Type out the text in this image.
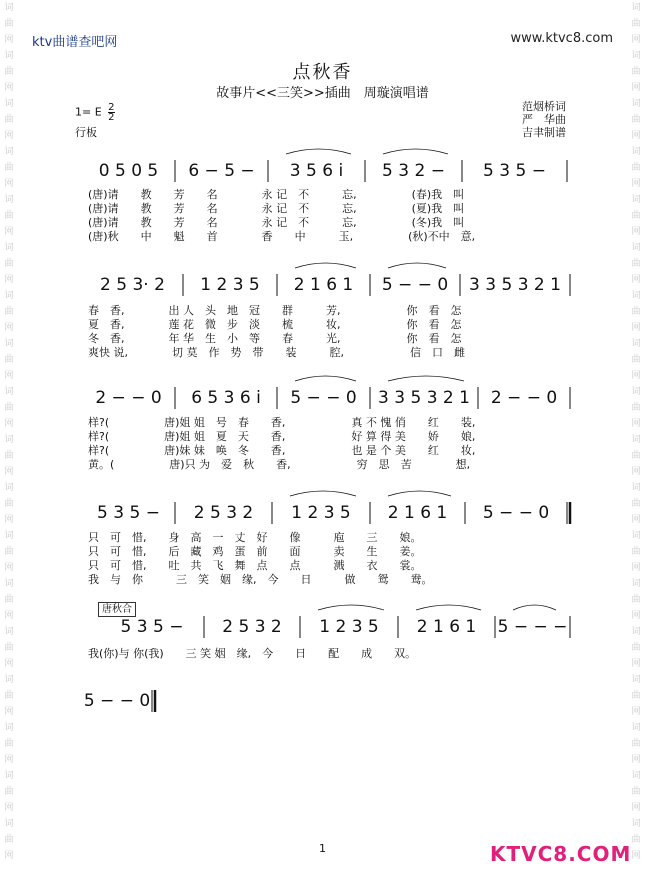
词曲网词曲网词曲网词曲网词曲网词曲网词曲网词曲网词曲网词曲网词曲网词曲网词曲网词曲网词曲网词曲网词曲网词曲网
词曲网词曲网词曲网词曲网词曲网词曲网词曲网词曲网词曲网词曲网词曲网词曲网词曲网词曲网词曲网词曲网词曲网词曲网
ktv曲谱查吧网	www.ktvc8.com
点秋香
故事片<<三笑>>插曲　周璇演唱谱
1= E $\frac{2}{2}$
行板
范烟桥词
严　华曲
吉聿制谱
唐秋合
0 5 0 5 6 − 5 − 3 5 6 i 5 3 2 − 5 3 5 −
(唐)请　　教　　芳　　名　　　　永 记　不　　　忘,　　　　　(春)我　叫
(唐)请　　教　　芳　　名　　　　永 记　不　　　忘,　　　　　(夏)我　叫
(唐)请　　教　　芳　　名　　　　永 记　不　　　忘,　　　　　(冬)我　叫
(唐)秋　　中　　魁　　首　　　　香　　中　　　玉,　　　　　(秋)不中　意,
2 5 3· 2 1 2 3 5 2 1 6 1 5 − − 0 3 3 5 3 2 1
春　香,　　　　出 人　头　地　冠　　群　　　芳,　　　　　　你　看　怎
夏　香,　　　　莲 花　微　步　淡　　梳　　　妆,　　　　　　你　看　怎
冬　香,　　　　年 华　生　小　等　　春　　　光,　　　　　　你　看　怎
爽快 说,　　　　切 莫　作　势　带　　装　　　腔,　　　　　　信　口　雌
2 − − 0 6 5 3 6 i 5 − − 0 3 3 5 3 2 1 2 − − 0
样?(　　　　　唐)姐 姐　号　春　　香,　　　　　　真 不 愧 俏　　红　　装,
样?(　　　　　唐)姐 姐　夏　天　　香,　　　　　　好 算 得 美　　娇　　娘,
样?(　　　　　唐)妹 妹　唤　冬　　香,　　　　　　也 是 个 美　　红　　妆,
黄。(　　　　　唐)只 为　爱　秋　　香,　　　　　　穷　思　苦　　　　想,
5 3 5 − 2 5 3 2 1 2 3 5 2 1 6 1 5 − − 0
只　可　惜,　　身　高　一　丈　好　　像　　　庖　　三　　娘。
只　可　惜,　　后　藏　鸡　蛋　前　　面　　　卖　　生　　姜。
只　可　惜,　　吐　共　飞　舞　点　　点　　　溅　　衣　　裳。
我　与　你　　　三　笑　姻　缘,　今　　日　　　做　　鸳　　鸯。
5 3 5 − 2 5 3 2 1 2 3 5 2 1 6 1 5 − − −
我(你)与 你(我)　　三 笑 姻　缘,　今　　日　　配　　成　　双。
5 − − 0
1	KTVC8.COM
